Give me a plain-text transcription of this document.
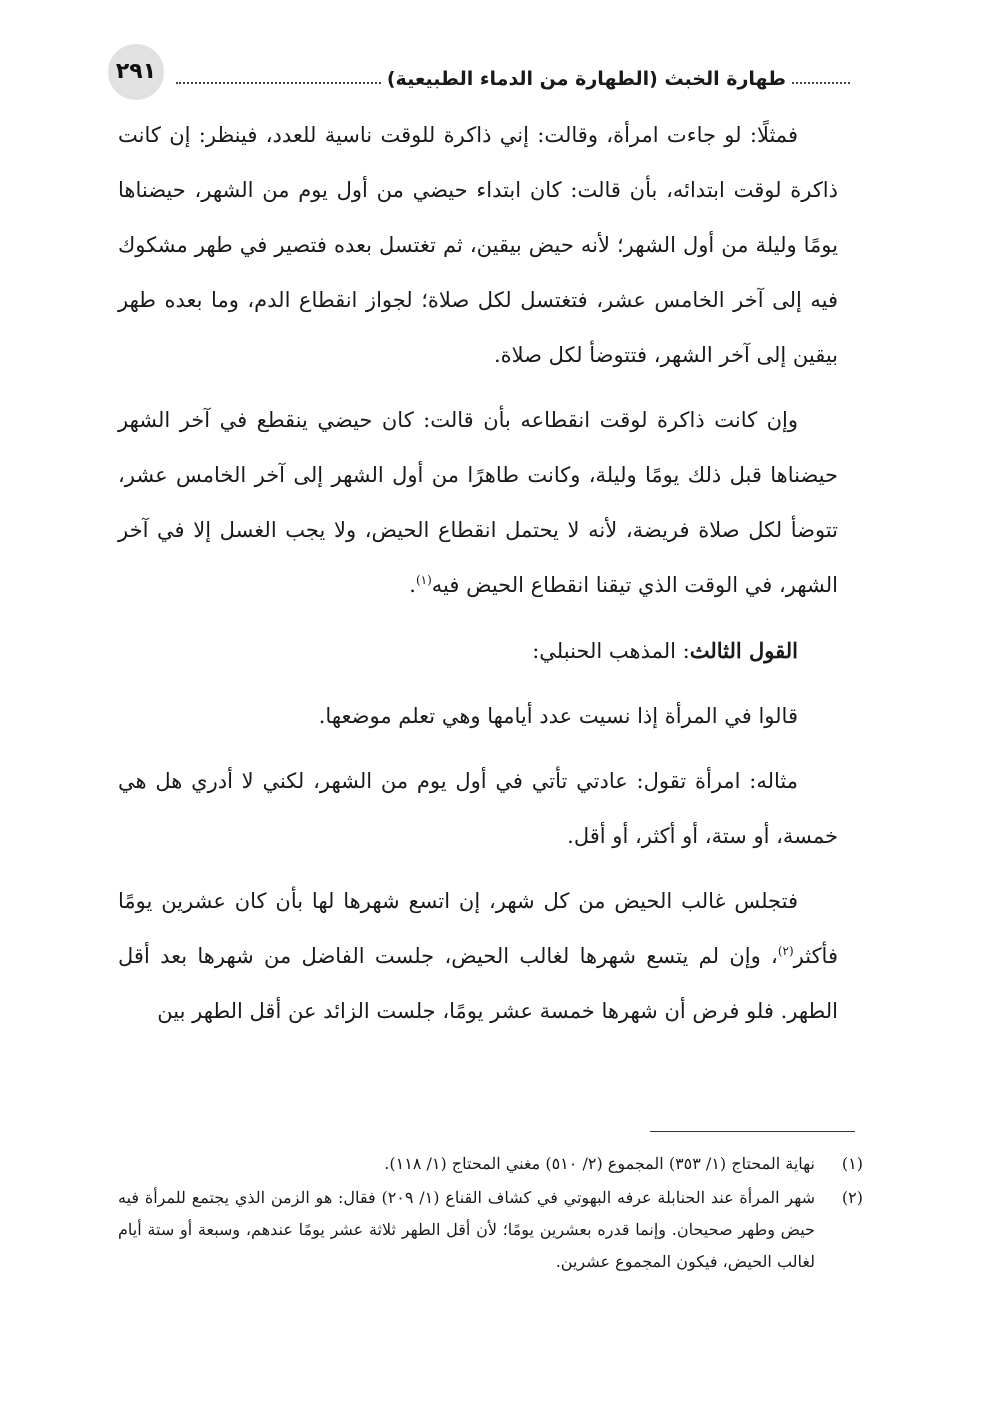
٢٩١	طهارة الخبث (الطهارة من الدماء الطبيعية)

فمثلًا: لو جاءت امرأة، وقالت: إني ذاكرة للوقت ناسية للعدد، فينظر: إن كانت ذاكرة لوقت ابتدائه، بأن قالت: كان ابتداء حيضي من أول يوم من الشهر، حيضناها يومًا وليلة من أول الشهر؛ لأنه حيض بيقين، ثم تغتسل بعده فتصير في طهر مشكوك فيه إلى آخر الخامس عشر، فتغتسل لكل صلاة؛ لجواز انقطاع الدم، وما بعده طهر بيقين إلى آخر الشهر، فتتوضأ لكل صلاة.

وإن كانت ذاكرة لوقت انقطاعه بأن قالت: كان حيضي ينقطع في آخر الشهر حيضناها قبل ذلك يومًا وليلة، وكانت طاهرًا من أول الشهر إلى آخر الخامس عشر، تتوضأ لكل صلاة فريضة، لأنه لا يحتمل انقطاع الحيض، ولا يجب الغسل إلا في آخر الشهر، في الوقت الذي تيقنا انقطاع الحيض فيه$^{(١)}$.

القول الثالث: المذهب الحنبلي:

قالوا في المرأة إذا نسيت عدد أيامها وهي تعلم موضعها.

مثاله: امرأة تقول: عادتي تأتي في أول يوم من الشهر، لكني لا أدري هل هي خمسة، أو ستة، أو أكثر، أو أقل.

فتجلس غالب الحيض من كل شهر، إن اتسع شهرها لها بأن كان عشرين يومًا فأكثر$^{(٢)}$، وإن لم يتسع شهرها لغالب الحيض، جلست الفاضل من شهرها بعد أقل الطهر. فلو فرض أن شهرها خمسة عشر يومًا، جلست الزائد عن أقل الطهر بين

(١)
نهاية المحتاج (١/ ٣٥٣) المجموع (٢/ ٥١٠) مغني المحتاج (١/ ١١٨).
(٢)
شهر المرأة عند الحنابلة عرفه البهوتي في كشاف القناع (١/ ٢٠٩) فقال: هو الزمن الذي يجتمع للمرأة فيه حيض وطهر صحيحان. وإنما قدره بعشرين يومًا؛ لأن أقل الطهر ثلاثة عشر يومًا عندهم، وسبعة أو ستة أيام لغالب الحيض، فيكون المجموع عشرين.
